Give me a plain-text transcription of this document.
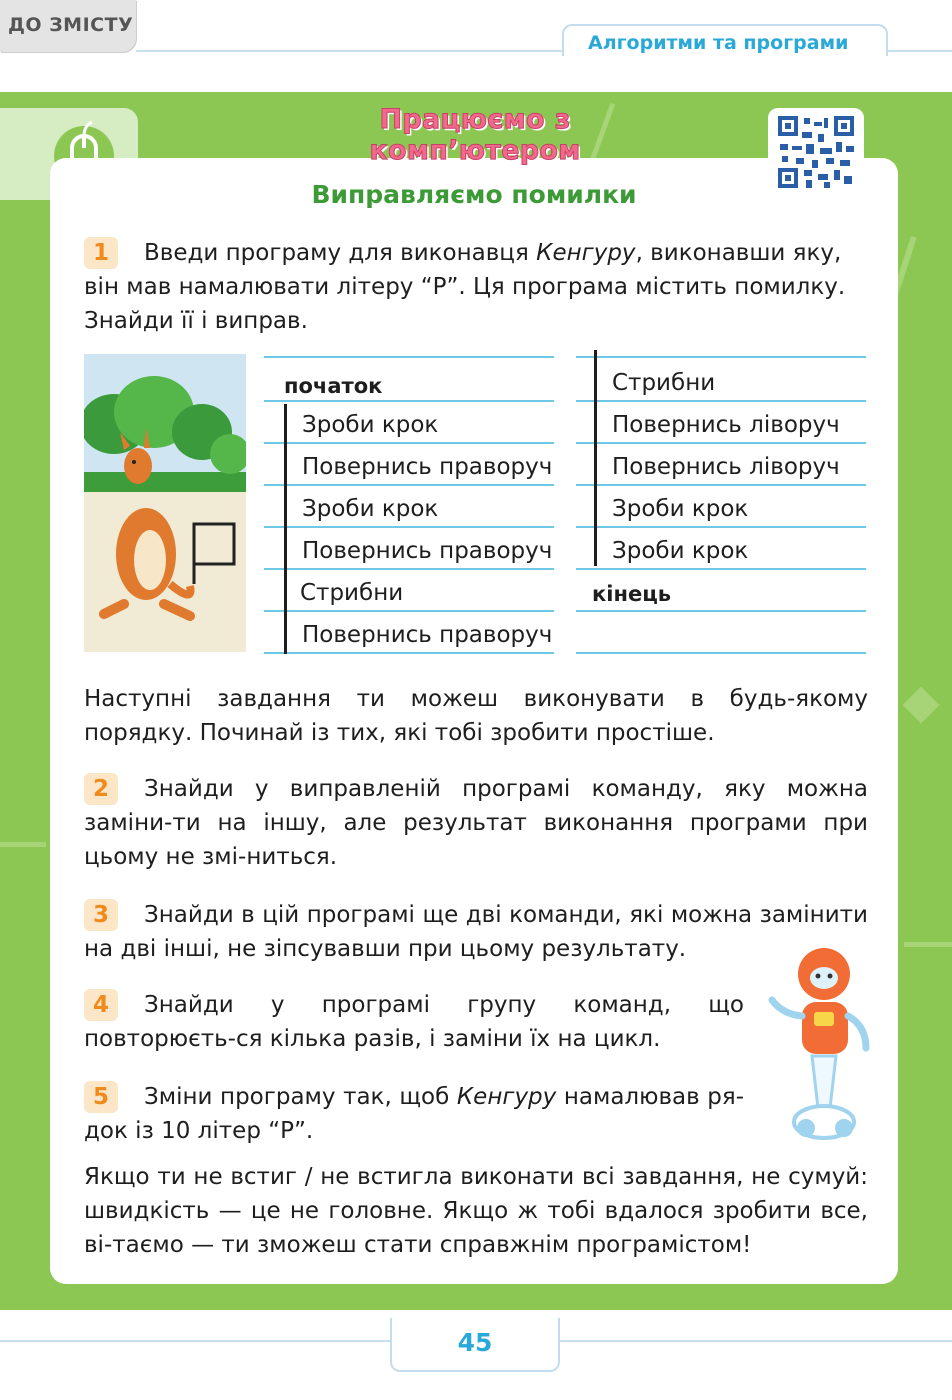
ДО ЗМІСТУ
Алгоритми та програми
Працюємо з комп’ютером
Виправляємо помилки
1 Введи програму для виконавця Кенгуру, виконавши яку, він мав намалювати літеру “Р”. Ця програма містить помилку. Знайди її і виправ.
початок
Зроби крок
Повернись праворуч
Зроби крок
Повернись праворуч
Стрибни
Повернись праворуч
Стрибни
Повернись ліворуч
Повернись ліворуч
Зроби крок
Зроби крок
кінець
Наступні завдання ти можеш виконувати в будь-якому порядку. Починай із тих, які тобі зробити простіше.
2 Знайди у виправленій програмі команду, яку можна заміни-ти на іншу, але результат виконання програми при цьому не змі-ниться.
3 Знайди в цій програмі ще дві команди, які можна замінити на дві інші, не зіпсувавши при цьому результату.
4 Знайди у програмі групу команд, що повторюєть-ся кілька разів, і заміни їх на цикл.
5 Зміни програму так, щоб Кенгуру намалював ря-док із 10 літер “Р”.
Якщо ти не встиг / не встигла виконати всі завдання, не сумуй: швидкість — це не головне. Якщо ж тобі вдалося зробити все, ві-таємо — ти зможеш стати справжнім програмістом!
45
